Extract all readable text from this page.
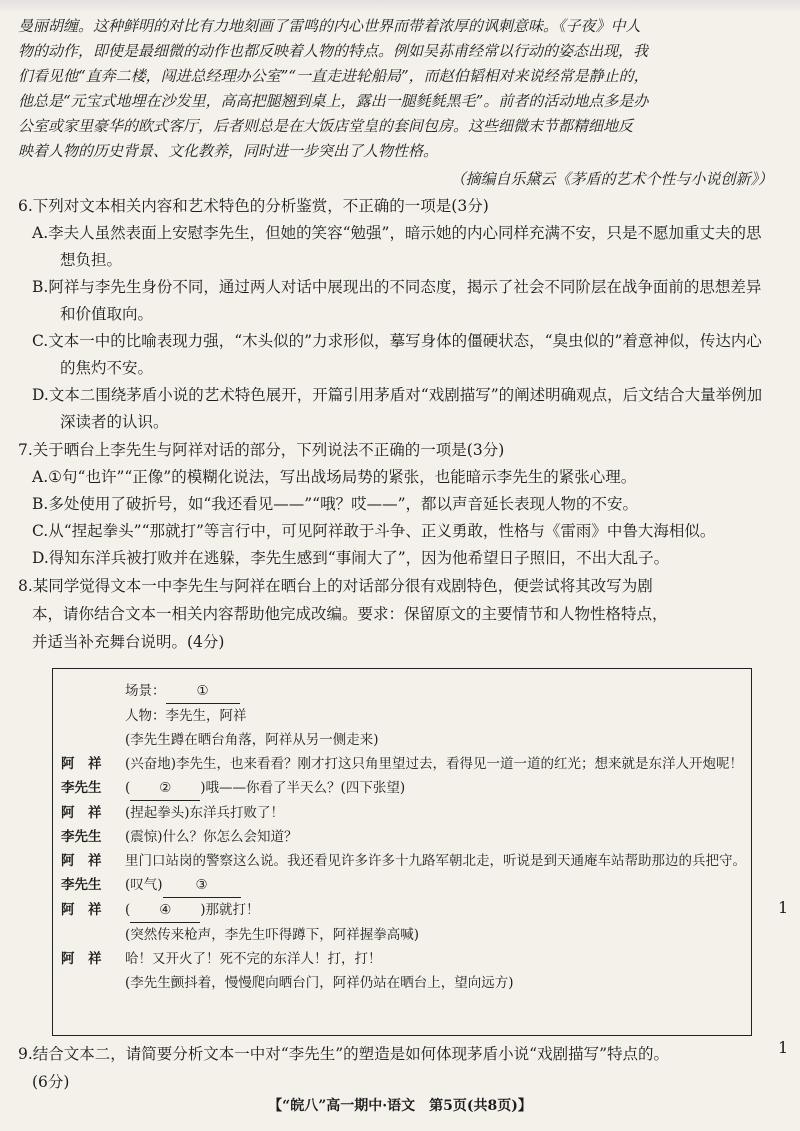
曼丽胡缠。这种鲜明的对比有力地刻画了雷鸣的内心世界而带着浓厚的讽刺意味。《子夜》中人

物的动作，即使是最细微的动作也都反映着人物的特点。例如吴荪甫经常以行动的姿态出现，我

们看见他“直奔二楼，闯进总经理办公室”“一直走进轮船局”，而赵伯韬相对来说经常是静止的，

他总是“元宝式地埋在沙发里，高高把腿翘到桌上，露出一腿毵毵黑毛”。前者的活动地点多是办

公室或家里豪华的欧式客厅，后者则总是在大饭店堂皇的套间包房。这些细微末节都精细地反

映着人物的历史背景、文化教养，同时进一步突出了人物性格。

（摘编自乐黛云《茅盾的艺术个性与小说创新》）

6.下列对文本相关内容和艺术特色的分析鉴赏，不正确的一项是(3分)

A.李夫人虽然表面上安慰李先生，但她的笑容“勉强”，暗示她的内心同样充满不安，只是不愿加重丈夫的思想负担。

B.阿祥与李先生身份不同，通过两人对话中展现出的不同态度，揭示了社会不同阶层在战争面前的思想差异和价值取向。

C.文本一中的比喻表现力强，“木头似的”力求形似，摹写身体的僵硬状态，“臭虫似的”着意神似，传达内心的焦灼不安。

D.文本二围绕茅盾小说的艺术特色展开，开篇引用茅盾对“戏剧描写”的阐述明确观点，后文结合大量举例加深读者的认识。

7.关于晒台上李先生与阿祥对话的部分，下列说法不正确的一项是(3分)

A.①句“也许”“正像”的模糊化说法，写出战场局势的紧张，也能暗示李先生的紧张心理。

B.多处使用了破折号，如“我还看见——”“哦？哎——”，都以声音延长表现人物的不安。

C.从“捏起拳头”“那就打”等言行中，可见阿祥敢于斗争、正义勇敢，性格与《雷雨》中鲁大海相似。

D.得知东洋兵被打败并在逃躲，李先生感到“事闹大了”，因为他希望日子照旧，不出大乱子。

8.某同学觉得文本一中李先生与阿祥在晒台上的对话部分很有戏剧特色，便尝试将其改写为剧

本，请你结合文本一相关内容帮助他完成改编。要求：保留原文的主要情节和人物性格特点，

并适当补充舞台说明。(4分)

场景：	①
人物：李先生，阿祥
(李先生蹲在晒台角落，阿祥从另一侧走来)
阿　祥	(兴奋地)李先生，也来看看？刚才打这只角里望过去，看得见一道一道的红光；想来就是东洋人开炮呢！
李先生	( ② )哦——你看了半天么？(四下张望)
阿　祥	(捏起拳头)东洋兵打败了！
李先生	(震惊)什么？你怎么会知道？
阿　祥	里门口站岗的警察这么说。我还看见许多许多十九路军朝北走，听说是到天通庵车站帮助那边的兵把守。
李先生	(叹气) ③
阿　祥	( ④ )那就打！
(突然传来枪声，李先生吓得蹲下，阿祥握拳高喊)
阿　祥	哈！又开火了！死不完的东洋人！打，打！
(李先生颤抖着，慢慢爬向晒台门，阿祥仍站在晒台上，望向远方)

9.结合文本二，请简要分析文本一中对“李先生”的塑造是如何体现茅盾小说“戏剧描写”特点的。

(6分)

【“皖八”高一期中·语文　第5页(共8页)】
1
1
